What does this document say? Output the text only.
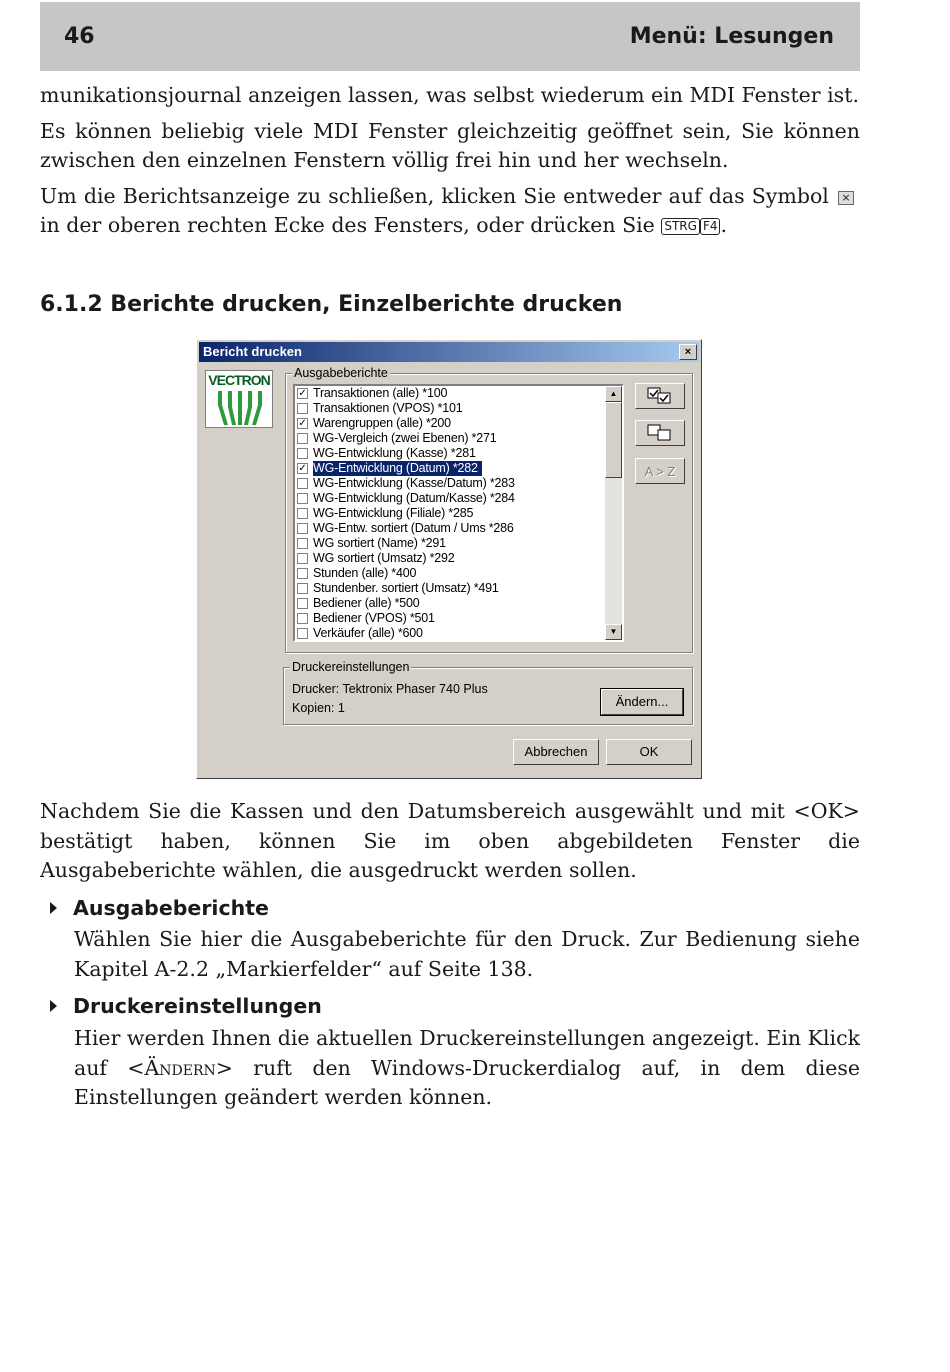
46	Menü: Lesungen

munikationsjournal anzeigen lassen, was selbst wiederum ein MDI Fenster ist.

Es können beliebig viele MDI Fenster gleichzeitig geöffnet sein, Sie können zwischen den einzelnen Fenstern völlig frei hin und her wechseln.

Um die Berichtsanzeige zu schließen, klicken Sie entweder auf das Symbol ×in der oberen rechten Ecke des Fensters, oder drücken Sie STRG F4 .

6.1.2 Berichte drucken, Einzelberichte drucken
Bericht drucken	×
VECTRON Ausgabeberichte
✓ Transaktionen (alle) *100
Transaktionen (VPOS) *101
✓ Warengruppen (alle) *200
WG-Vergleich (zwei Ebenen) *271
WG-Entwicklung (Kasse) *281
✓ WG-Entwicklung (Datum) *282
WG-Entwicklung (Kasse/Datum) *283
WG-Entwicklung (Datum/Kasse) *284
WG-Entwicklung (Filiale) *285
WG-Entw. sortiert (Datum / Ums *286
WG sortiert (Name) *291
WG sortiert (Umsatz) *292
Stunden (alle) *400
Stundenber. sortiert (Umsatz) *491
Bediener (alle) *500
Bediener (VPOS) *501
Verkäufer (alle) *600
▲
▼
A > Z
Druckereinstellungen
Drucker: Tektronix Phaser 740 Plus
Kopien: 1	Ändern...
Abbrechen	OK

Nachdem Sie die Kassen und den Datumsbereich ausgewählt und mit <OK> bestätigt haben, können Sie im oben abgebildeten Fenster die Ausgabeberichte wählen, die ausgedruckt werden sollen.

Ausgabeberichte
Wählen Sie hier die Ausgabeberichte für den Druck. Zur Bedienung siehe Kapitel A-2.2 „Markierfelder“ auf Seite 138.
Druckereinstellungen
Hier werden Ihnen die aktuellen Druckereinstellungen angezeigt. Ein Klick auf <Ändern> ruft den Windows-Druckerdialog auf, in dem diese Einstellungen geändert werden können.
